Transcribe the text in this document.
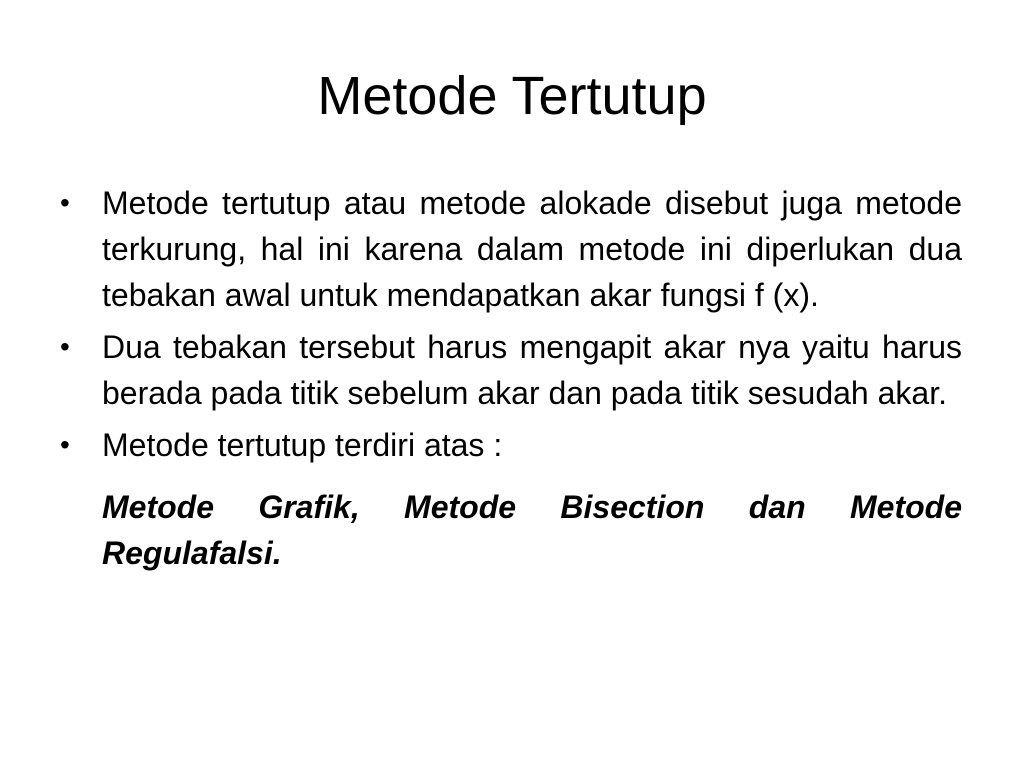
Metode Tertutup
•	Metode tertutup atau metode alokade disebut juga metode terkurung, hal ini karena dalam metode ini diperlukan dua tebakan awal untuk mendapatkan akar fungsi f (x).
•	Dua tebakan tersebut harus mengapit akar nya yaitu harus berada pada titik sebelum akar dan pada titik sesudah akar.
•	Metode tertutup terdiri atas :
Metode Grafik, Metode Bisection dan Metode Regulafalsi.
